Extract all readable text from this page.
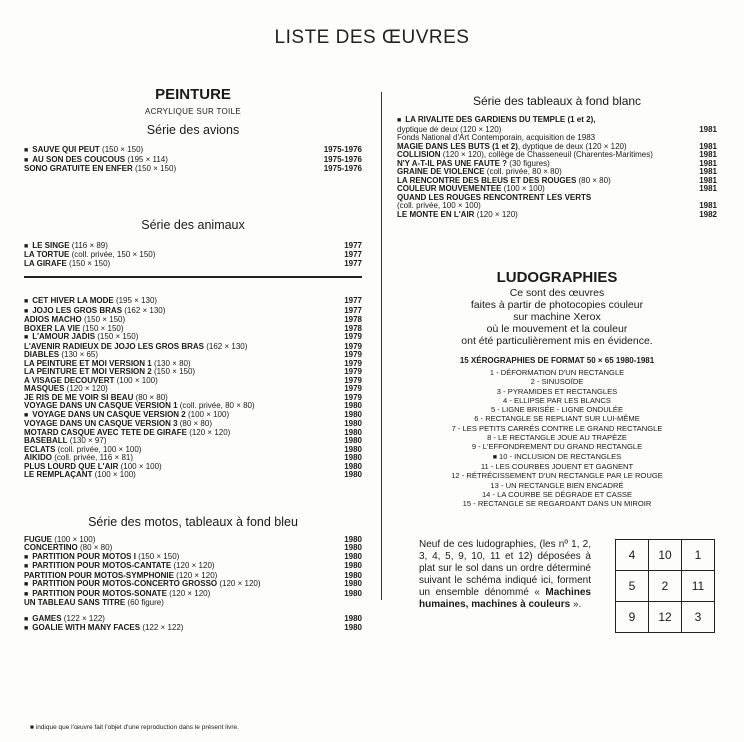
LISTE DES ŒUVRES
PEINTURE
ACRYLIQUE SUR TOILE
Série des avions
■ SAUVE QUI PEUT (150 × 150)	1975-1976
■ AU SON DES COUCOUS (195 × 114)	1975-1976
SONO GRATUITE EN ENFER (150 × 150)	1975-1976
Série des animaux
■ LE SINGE (116 × 89)	1977
LA TORTUE (coll. privée, 150 × 150)	1977
LA GIRAFE (150 × 150)	1977
■ CET HIVER LA MODE (195 × 130)	1977
■ JOJO LES GROS BRAS (162 × 130)	1977
ADIOS MACHO (150 × 150)	1978
BOXER LA VIE (150 × 150)	1978
■ L'AMOUR JADIS (150 × 150)	1979
L'AVENIR RADIEUX DE JOJO LES GROS BRAS (162 × 130)	1979
DIABLES (130 × 65)	1979
LA PEINTURE ET MOI VERSION 1 (130 × 80)	1979
LA PEINTURE ET MOI VERSION 2 (150 × 150)	1979
A VISAGE DÉCOUVERT (100 × 100)	1979
MASQUES (120 × 120)	1979
JE RIS DE ME VOIR SI BEAU (80 × 80)	1979
VOYAGE DANS UN CASQUE VERSION 1 (coll. privée, 80 × 80)	1980
■ VOYAGE DANS UN CASQUE VERSION 2 (100 × 100)	1980
VOYAGE DANS UN CASQUE VERSION 3 (80 × 80)	1980
MOTARD CASQUÉ AVEC TÊTE DE GIRAFE (120 × 120)	1980
BASEBALL (130 × 97)	1980
ÉCLATS (coll. privée, 100 × 100)	1980
AÏKIDO (coll. privée, 116 × 81)	1980
PLUS LOURD QUE L'AIR (100 × 100)	1980
LE REMPLAÇANT (100 × 100)	1980
Série des motos, tableaux à fond bleu
FUGUE (100 × 100)	1980
CONCERTINO (80 × 80)	1980
■ PARTITION POUR MOTOS I (150 × 150)	1980
■ PARTITION POUR MOTOS-CANTATE (120 × 120)	1980
PARTITION POUR MOTOS-SYMPHONIE (120 × 120)	1980
■ PARTITION POUR MOTOS-CONCERTO GROSSO (120 × 120)	1980
■ PARTITION POUR MOTOS-SONATE (120 × 120)	1980
UN TABLEAU SANS TITRE (60 figure)
■ GAMES (122 × 122)	1980
■ GOALIE WITH MANY FACES (122 × 122)	1980
■ indique que l'œuvre fait l'objet d'une reproduction dans le présent livre.
Série des tableaux à fond blanc
■ LA RIVALITÉ DES GARDIENS DU TEMPLE (1 et 2),
dyptique de deux (120 × 120)	1981
Fonds National d'Art Contemporain, acquisition de 1983
MAGIE DANS LES BUTS (1 et 2), dyptique de deux (120 × 120)	1981
COLLISION (120 × 120), collège de Chasseneuil (Charentes-Maritimes)	1981
N'Y A-T-IL PAS UNE FAUTE ? (30 figures)	1981
GRAINE DE VIOLENCE (coll. privée, 80 × 80)	1981
LA RENCONTRE DES BLEUS ET DES ROUGES (80 × 80)	1981
COULEUR MOUVEMENTÉE (100 × 100)	1981
QUAND LES ROUGES RENCONTRENT LES VERTS
(coll. privée, 100 × 100)	1981
LE MONTE EN L'AIR (120 × 120)	1982
LUDOGRAPHIES
Ce sont des œuvres
faites à partir de photocopies couleur
sur machine Xerox
où le mouvement et la couleur
ont été particulièrement mis en évidence.
15 XÉROGRAPHIES DE FORMAT 50 × 65 1980-1981
1 - DÉFORMATION D'UN RECTANGLE
2 - SINUSOÏDE
3 - PYRAMIDES ET RECTANGLES
4 - ELLIPSE PAR LES BLANCS
5 - LIGNE BRISÉE - LIGNE ONDULÉE
6 - RECTANGLE SE REPLIANT SUR LUI-MÊME
7 - LES PETITS CARRÉS CONTRE LE GRAND RECTANGLE
8 - LE RECTANGLE JOUE AU TRAPÈZE
9 - L'EFFONDREMENT DU GRAND RECTANGLE
■ 10 - INCLUSION DE RECTANGLES
11 - LES COURBES JOUENT ET GAGNENT
12 - RÉTRÉCISSEMENT D'UN RECTANGLE PAR LE ROUGE
13 - UN RECTANGLE BIEN ENCADRÉ
14 - LA COURBE SE DÉGRADE ET CASSE
15 - RECTANGLE SE REGARDANT DANS UN MIROIR
Neuf de ces ludographies, (les nº 1, 2, 3, 4, 5, 9, 10, 11 et 12) déposées à plat sur le sol dans un ordre déterminé suivant le schéma indiqué ici, forment un ensemble dénommé « Machines humaines, machines à couleurs ».
4	10	1
5	2	11
9	12	3
